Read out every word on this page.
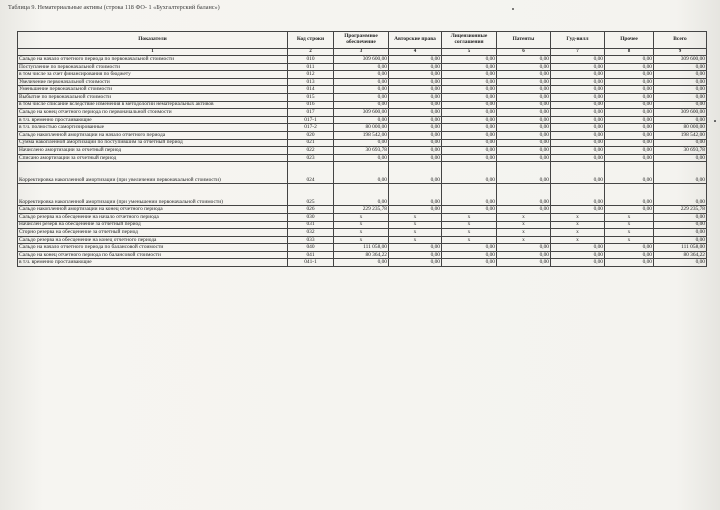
Таблица 9. Нематериальные активы (строка 118 ФО- 1 «Бухгалтерский баланс»)
Показатели	Код строки	Программное обеспечение	Авторские права	Лицензионные соглашения	Патенты	Гуд-вилл	Прочее	Всего
1	2	3	4	5	6	7	8	9
Сальдо на начало отчетного периода по первоначальной стоимости	010	309 600,00	0,00	0,00	0,00	0,00	0,00	309 600,00
Поступление по первоначальной стоимости	011	0,00	0,00	0,00	0,00	0,00	0,00	0,00
в том числе за счет финансирования по бюджету	012	0,00	0,00	0,00	0,00	0,00	0,00	0,00
Увеличение первоначальной стоимости	013	0,00	0,00	0,00	0,00	0,00	0,00	0,00
Уменьшение первоначальной стоимости	014	0,00	0,00	0,00	0,00	0,00	0,00	0,00
Выбытие по первоначальной стоимости	015	0,00	0,00	0,00	0,00	0,00	0,00	0,00
в том числе списание вследствие изменения в методологии нематериальных активов	016	0,00	0,00	0,00	0,00	0,00	0,00	0,00
Сальдо на конец отчетного периода по первоначальной стоимости	017	309 600,00	0,00	0,00	0,00	0,00	0,00	309 600,00
в т.ч. временно простаивающие	017-1	0,00	0,00	0,00	0,00	0,00	0,00	0,00
в т.ч. полностью самортизированные	017-2	80 000,00	0,00	0,00	0,00	0,00	0,00	80 000,00
Сальдо накопленной амортизации на начало отчетного периода	020	198 542,00	0,00	0,00	0,00	0,00	0,00	198 542,00
Сумма накопленной амортизации по поступившим за отчетный период	021	0,00	0,00	0,00	0,00	0,00	0,00	0,00
Начислено амортизации за отчетный период	022	30 693,78	0,00	0,00	0,00	0,00	0,00	30 693,78
Списано амортизации за отчетный период	023	0,00	0,00	0,00	0,00	0,00	0,00	0,00
Корректировка накопленной амортизации (при увеличении первоначальной стоимости)	024	0,00	0,00	0,00	0,00	0,00	0,00	0,00
Корректировка накопленной амортизации (при уменьшении первоначальной стоимости)	025	0,00	0,00	0,00	0,00	0,00	0,00	0,00
Сальдо накопленной амортизации на конец отчетного периода	026	229 235,78	0,00	0,00	0,00	0,00	0,00	229 235,78
Сальдо резерва на обесценение на начало отчетного периода	030	x	x	x	x	x	x	0,00
Начислен резерв на обесценение за отчетный период	031	x	x	x	x	x	x	0,00
Сторно резерва на обесценение за отчетный период	032	x	x	x	x	x	x	0,00
Сальдо резерва на обесценение на конец отчетного периода	033	x	x	x	x	x	x	0,00
Сальдо на начало отчетного периода по балансовой стоимости	040	111 058,00	0,00	0,00	0,00	0,00	0,00	111 058,00
Сальдо на конец отчетного периода по балансовой стоимости	041	80 364,22	0,00	0,00	0,00	0,00	0,00	80 364,22
в т.ч. временно простаивающие	041-1	0,00	0,00	0,00	0,00	0,00	0,00	0,00
